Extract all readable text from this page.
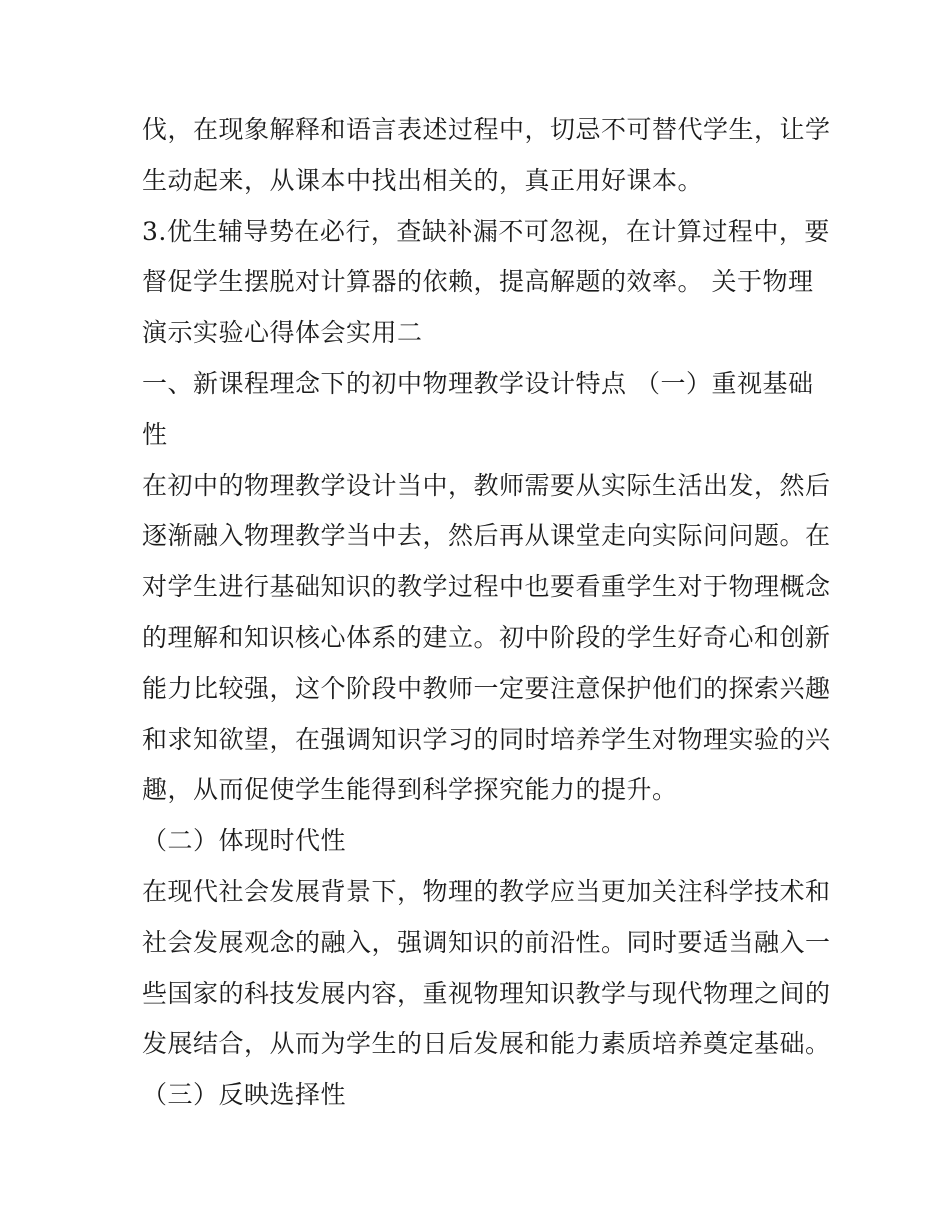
伐，在现象解释和语言表述过程中，切忌不可替代学生，让学
生动起来，从课本中找出相关的，真正用好课本。
3.优生辅导势在必行，查缺补漏不可忽视，在计算过程中，要
督促学生摆脱对计算器的依赖，提高解题的效率。 关于物理
演示实验心得体会实用二
一、新课程理念下的初中物理教学设计特点 （一）重视基础
性
在初中的物理教学设计当中，教师需要从实际生活出发，然后
逐渐融入物理教学当中去，然后再从课堂走向实际问问题。在
对学生进行基础知识的教学过程中也要看重学生对于物理概念
的理解和知识核心体系的建立。初中阶段的学生好奇心和创新
能力比较强，这个阶段中教师一定要注意保护他们的探索兴趣
和求知欲望，在强调知识学习的同时培养学生对物理实验的兴
趣，从而促使学生能得到科学探究能力的提升。
（二）体现时代性
在现代社会发展背景下，物理的教学应当更加关注科学技术和
社会发展观念的融入，强调知识的前沿性。同时要适当融入一
些国家的科技发展内容，重视物理知识教学与现代物理之间的
发展结合，从而为学生的日后发展和能力素质培养奠定基础。
（三）反映选择性
